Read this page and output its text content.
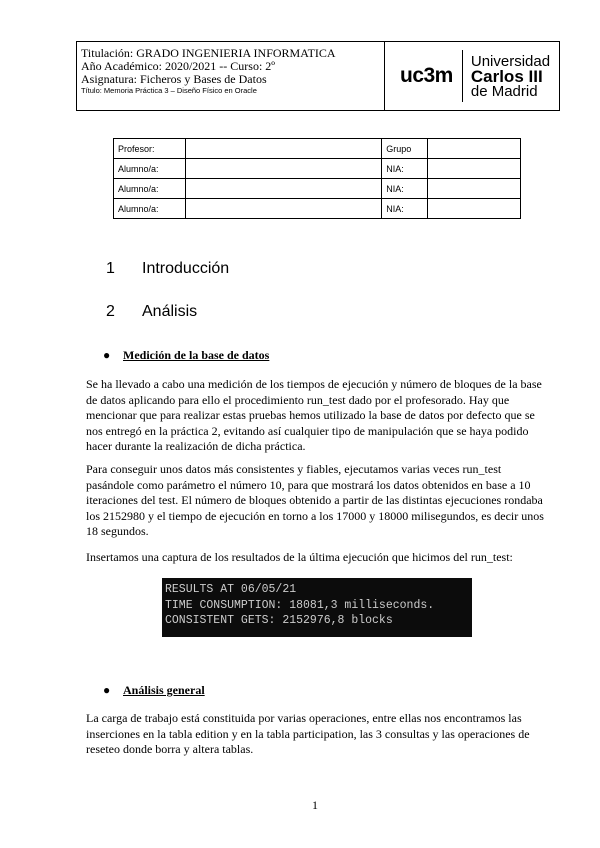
Titulación: GRADO INGENIERIA INFORMATICA
Año Académico: 2020/2021 -- Curso: 2º
Asignatura: Ficheros y Bases de Datos
Título: Memoria Práctica 3 – Diseño Físico en Oracle
uc3m
Universidad
Carlos III
de Madrid
Profesor:		Grupo	
Alumno/a:		NIA:	
Alumno/a:		NIA:	
Alumno/a:		NIA:	
1 Introducción
2 Análisis
● Medición de la base de datos
Se ha llevado a cabo una medición de los tiempos de ejecución y número de bloques de la base
de datos aplicando para ello el procedimiento run_test dado por el profesorado. Hay que
mencionar que para realizar estas pruebas hemos utilizado la base de datos por defecto que se
nos entregó en la práctica 2, evitando así cualquier tipo de manipulación que se haya podido
hacer durante la realización de dicha práctica.
Para conseguir unos datos más consistentes y fiables, ejecutamos varias veces run_test
pasándole como parámetro el número 10, para que mostrará los datos obtenidos en base a 10
iteraciones del test. El número de bloques obtenido a partir de las distintas ejecuciones rondaba
los 2152980 y el tiempo de ejecución en torno a los 17000 y 18000 milisegundos, es decir unos
18 segundos.
Insertamos una captura de los resultados de la última ejecución que hicimos del run_test:
RESULTS AT 06/05/21
TIME CONSUMPTION: 18081,3 milliseconds.
CONSISTENT GETS: 2152976,8 blocks
● Análisis general
La carga de trabajo está constituida por varias operaciones, entre ellas nos encontramos las
inserciones en la tabla edition y en la tabla participation, las 3 consultas y las operaciones de
reseteo donde borra y altera tablas.
1
